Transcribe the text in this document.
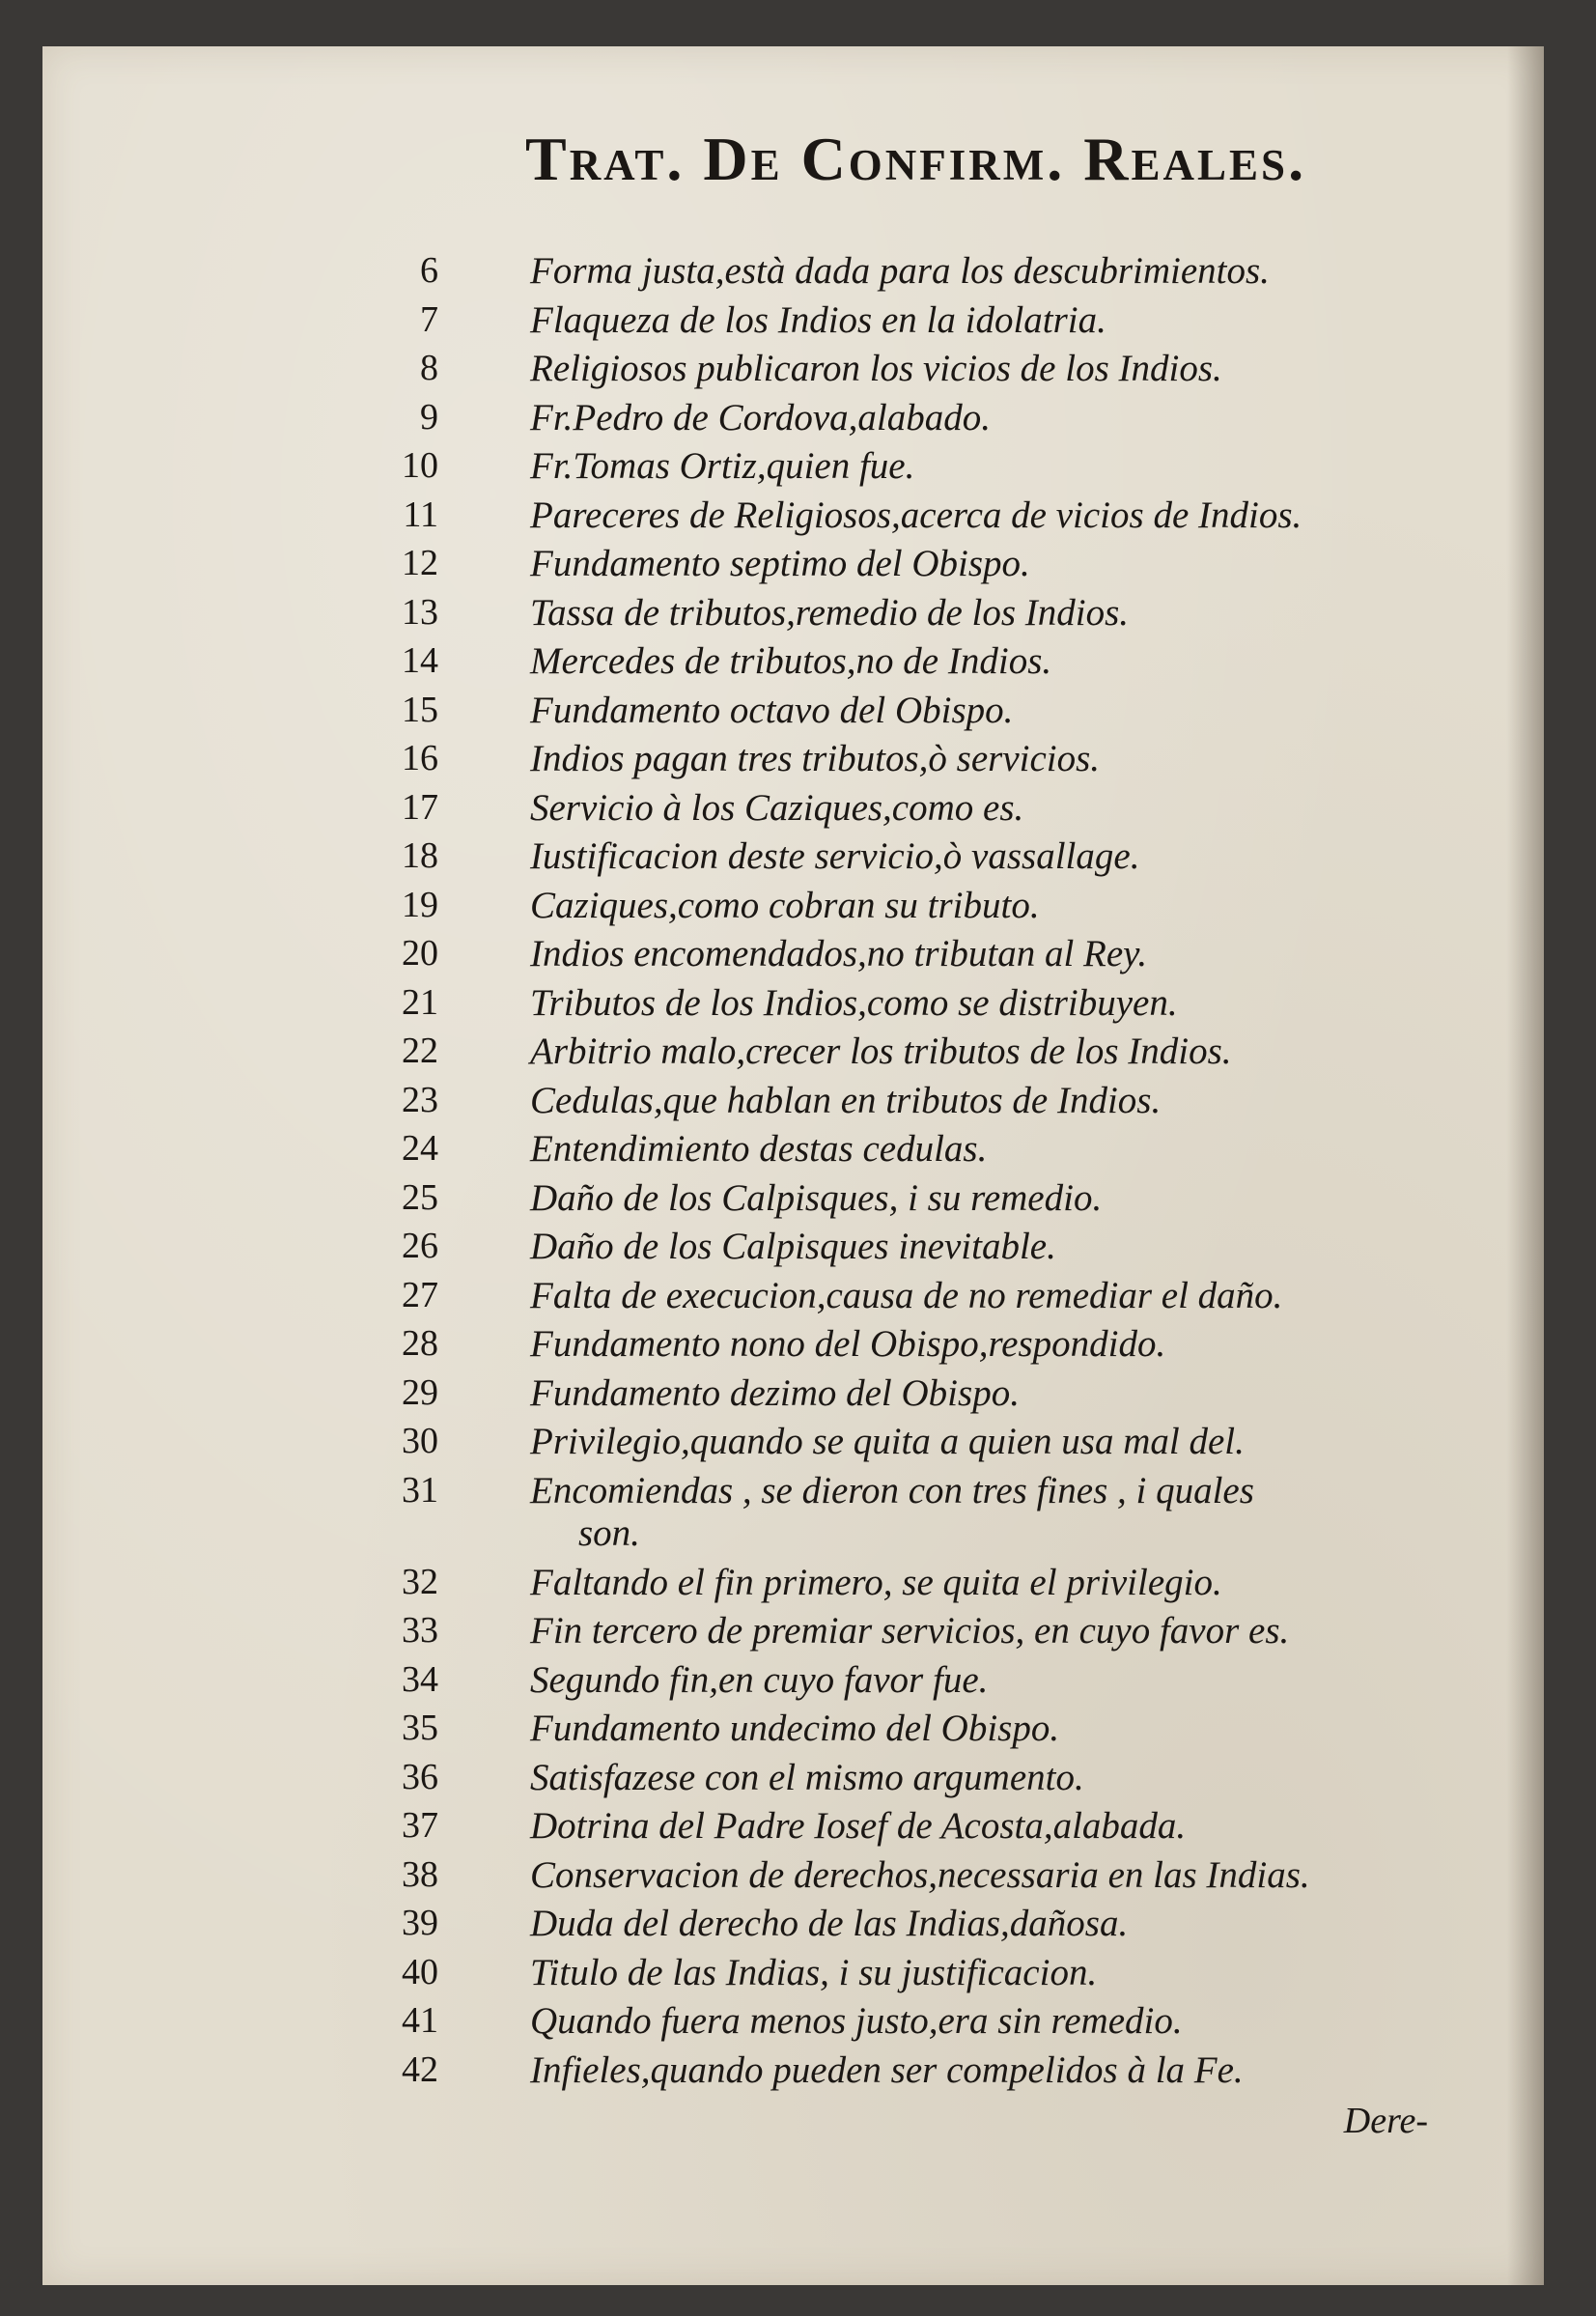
Trat. De Confirm. Reales.
6 Forma justa,està dada para los descubrimientos.
7 Flaqueza de los Indios en la idolatria.
8 Religiosos publicaron los vicios de los Indios.
9 Fr.Pedro de Cordova,alabado.
10 Fr.Tomas Ortiz,quien fue.
11 Pareceres de Religiosos,acerca de vicios de Indios.
12 Fundamento septimo del Obispo.
13 Tassa de tributos,remedio de los Indios.
14 Mercedes de tributos,no de Indios.
15 Fundamento octavo del Obispo.
16 Indios pagan tres tributos,ò servicios.
17 Servicio à los Caziques,como es.
18 Iustificacion deste servicio,ò vassallage.
19 Caziques,como cobran su tributo.
20 Indios encomendados,no tributan al Rey.
21 Tributos de los Indios,como se distribuyen.
22 Arbitrio malo,crecer los tributos de los Indios.
23 Cedulas,que hablan en tributos de Indios.
24 Entendimiento destas cedulas.
25 Daño de los Calpisques, i su remedio.
26 Daño de los Calpisques inevitable.
27 Falta de execucion,causa de no remediar el daño.
28 Fundamento nono del Obispo,respondido.
29 Fundamento dezimo del Obispo.
30 Privilegio,quando se quita a quien usa mal del.
31 Encomiendas , se dieron con tres fines , i quales
son.
32 Faltando el fin primero, se quita el privilegio.
33 Fin tercero de premiar servicios, en cuyo favor es.
34 Segundo fin,en cuyo favor fue.
35 Fundamento undecimo del Obispo.
36 Satisfazese con el mismo argumento.
37 Dotrina del Padre Iosef de Acosta,alabada.
38 Conservacion de derechos,necessaria en las Indias.
39 Duda del derecho de las Indias,dañosa.
40 Titulo de las Indias, i su justificacion.
41 Quando fuera menos justo,era sin remedio.
42 Infieles,quando pueden ser compelidos à la Fe.
Dere-
